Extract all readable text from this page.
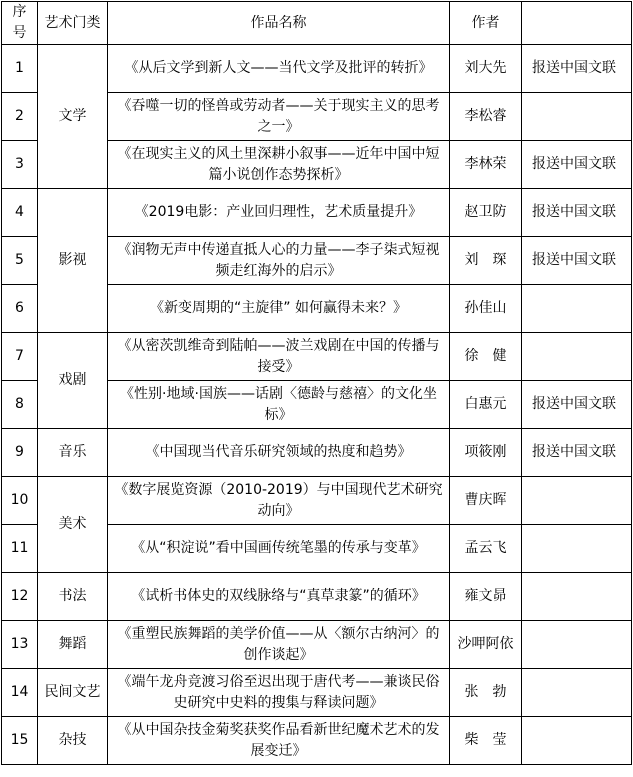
序号	艺术门类	作品名称	作者	
1	文学	《从后文学到新人文——当代文学及批评的转折》	刘大先	报送中国文联
2		《吞噬一切的怪兽或劳动者——关于现实主义的思考之一》	李松睿	
3		《在现实主义的风土里深耕小叙事——近年中国中短篇小说创作态势探析》	李林荣	报送中国文联
4	影视	《2019电影：产业回归理性，艺术质量提升》	赵卫防	报送中国文联
5		《润物无声中传递直抵人心的力量——李子柒式短视频走红海外的启示》	刘　琛	报送中国文联
6		《新变周期的“主旋律” 如何赢得未来？》	孙佳山	
7	戏剧	《从密茨凯维奇到陆帕——波兰戏剧在中国的传播与接受》	徐　健	
8		《性别·地域·国族——话剧〈德龄与慈禧〉的文化坐标》	白惠元	报送中国文联
9	音乐	《中国现当代音乐研究领域的热度和趋势》	项筱刚	报送中国文联
10	美术	《数字展览资源（2010-2019）与中国现代艺术研究动向》	曹庆晖	
11		《从“积淀说”看中国画传统笔墨的传承与变革》	孟云飞	
12	书法	《试析书体史的双线脉络与“真草隶篆”的循环》	雍文昴	
13	舞蹈	《重塑民族舞蹈的美学价值——从〈额尔古纳河〉的创作谈起》	沙呷阿依	
14	民间文艺	《端午龙舟竞渡习俗至迟出现于唐代考——兼谈民俗史研究中史料的搜集与释读问题》	张　勃	
15	杂技	《从中国杂技金菊奖获奖作品看新世纪魔术艺术的发展变迁》	柴　莹	
